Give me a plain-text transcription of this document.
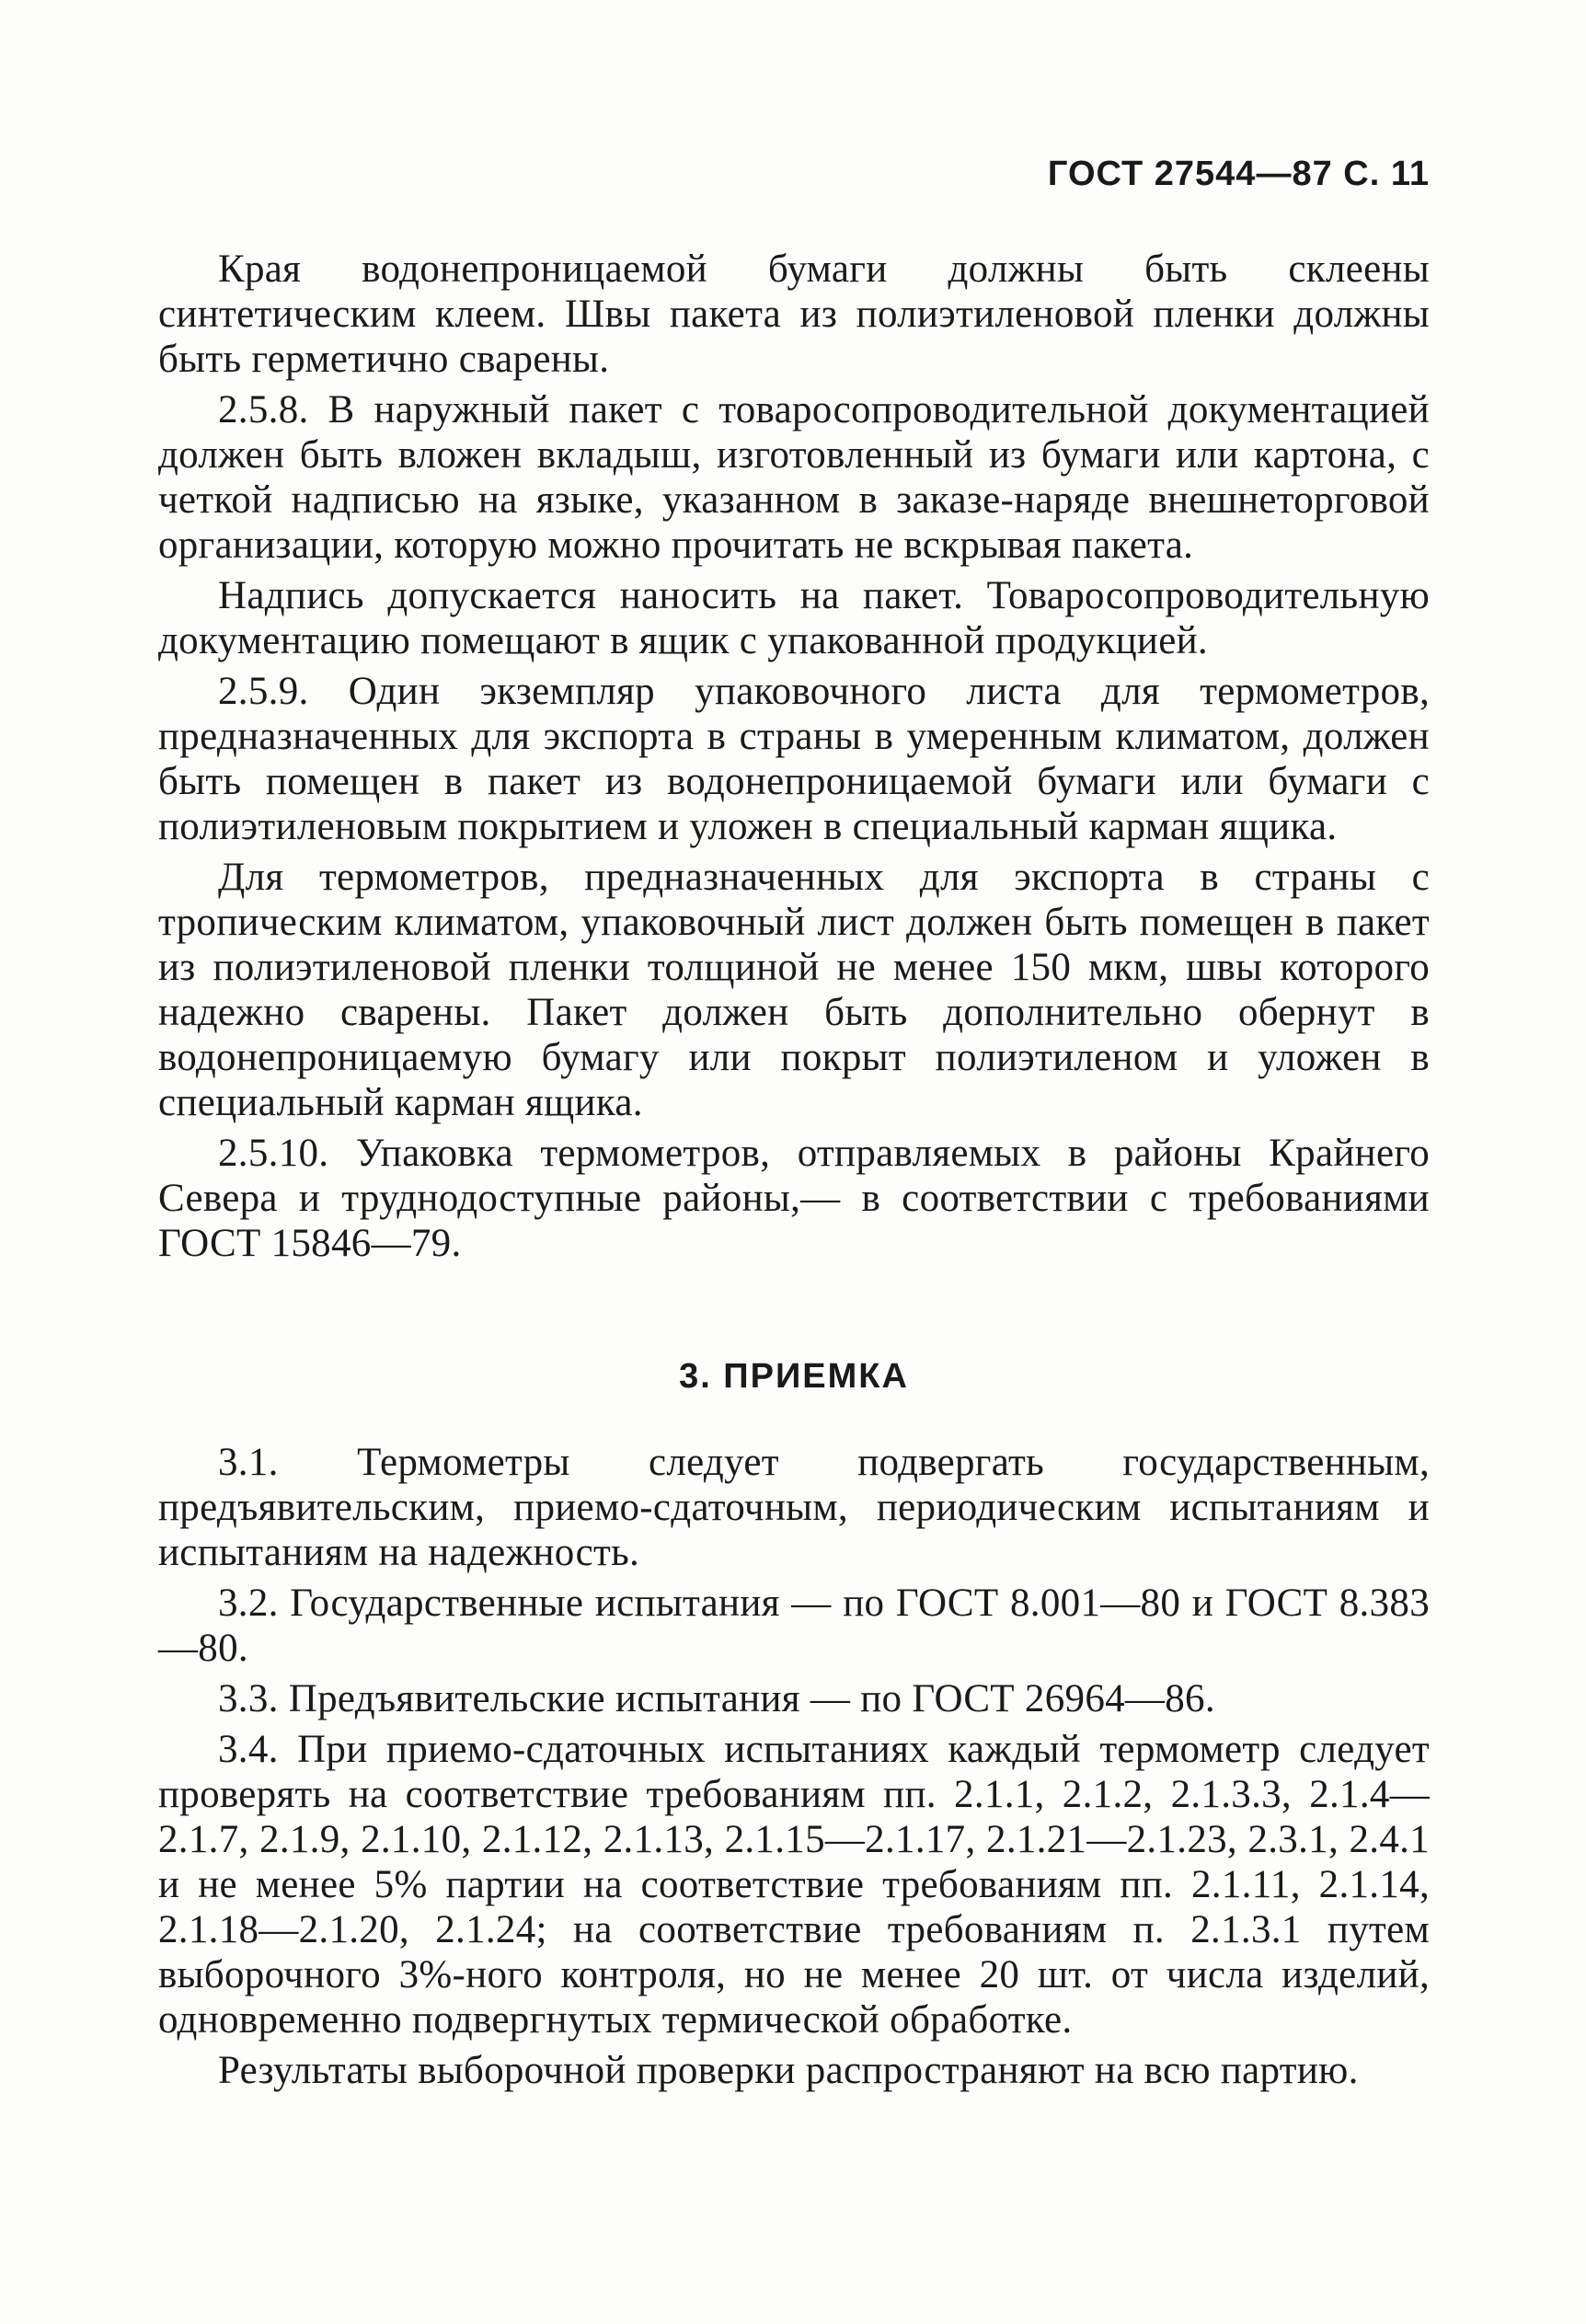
ГОСТ 27544—87 С. 11

Края водонепроницаемой бумаги должны быть склеены синтетическим клеем. Швы пакета из полиэтиленовой пленки должны быть герметично сварены.

2.5.8. В наружный пакет с товаросопроводительной документацией должен быть вложен вкладыш, изготовленный из бумаги или картона, с четкой надписью на языке, указанном в заказе-наряде внешнеторговой организации, которую можно прочитать не вскрывая пакета.

Надпись допускается наносить на пакет. Товаросопроводительную документацию помещают в ящик с упакованной продукцией.

2.5.9. Один экземпляр упаковочного листа для термометров, предназначенных для экспорта в страны в умеренным климатом, должен быть помещен в пакет из водонепроницаемой бумаги или бумаги с полиэтиленовым покрытием и уложен в специальный карман ящика.

Для термометров, предназначенных для экспорта в страны с тропическим климатом, упаковочный лист должен быть помещен в пакет из полиэтиленовой пленки толщиной не менее 150 мкм, швы которого надежно сварены. Пакет должен быть дополнительно обернут в водонепроницаемую бумагу или покрыт полиэтиленом и уложен в специальный карман ящика.

2.5.10. Упаковка термометров, отправляемых в районы Крайнего Севера и труднодоступные районы,— в соответствии с требованиями ГОСТ 15846—79.

3. ПРИЕМКА

3.1. Термометры следует подвергать государственным, предъявительским, приемо-сдаточным, периодическим испытаниям и испытаниям на надежность.

3.2. Государственные испытания — по ГОСТ 8.001—80 и ГОСТ 8.383—80.

3.3. Предъявительские испытания — по ГОСТ 26964—86.

3.4. При приемо-сдаточных испытаниях каждый термометр следует проверять на соответствие требованиям пп. 2.1.1, 2.1.2, 2.1.3.3, 2.1.4—2.1.7, 2.1.9, 2.1.10, 2.1.12, 2.1.13, 2.1.15—2.1.17, 2.1.21—2.1.23, 2.3.1, 2.4.1 и не менее 5% партии на соответствие требованиям пп. 2.1.11, 2.1.14, 2.1.18—2.1.20, 2.1.24; на соответствие требованиям п. 2.1.3.1 путем выборочного 3%-ного контроля, но не менее 20 шт. от числа изделий, одновременно подвергнутых термической обработке.

Результаты выборочной проверки распространяют на всю партию.
